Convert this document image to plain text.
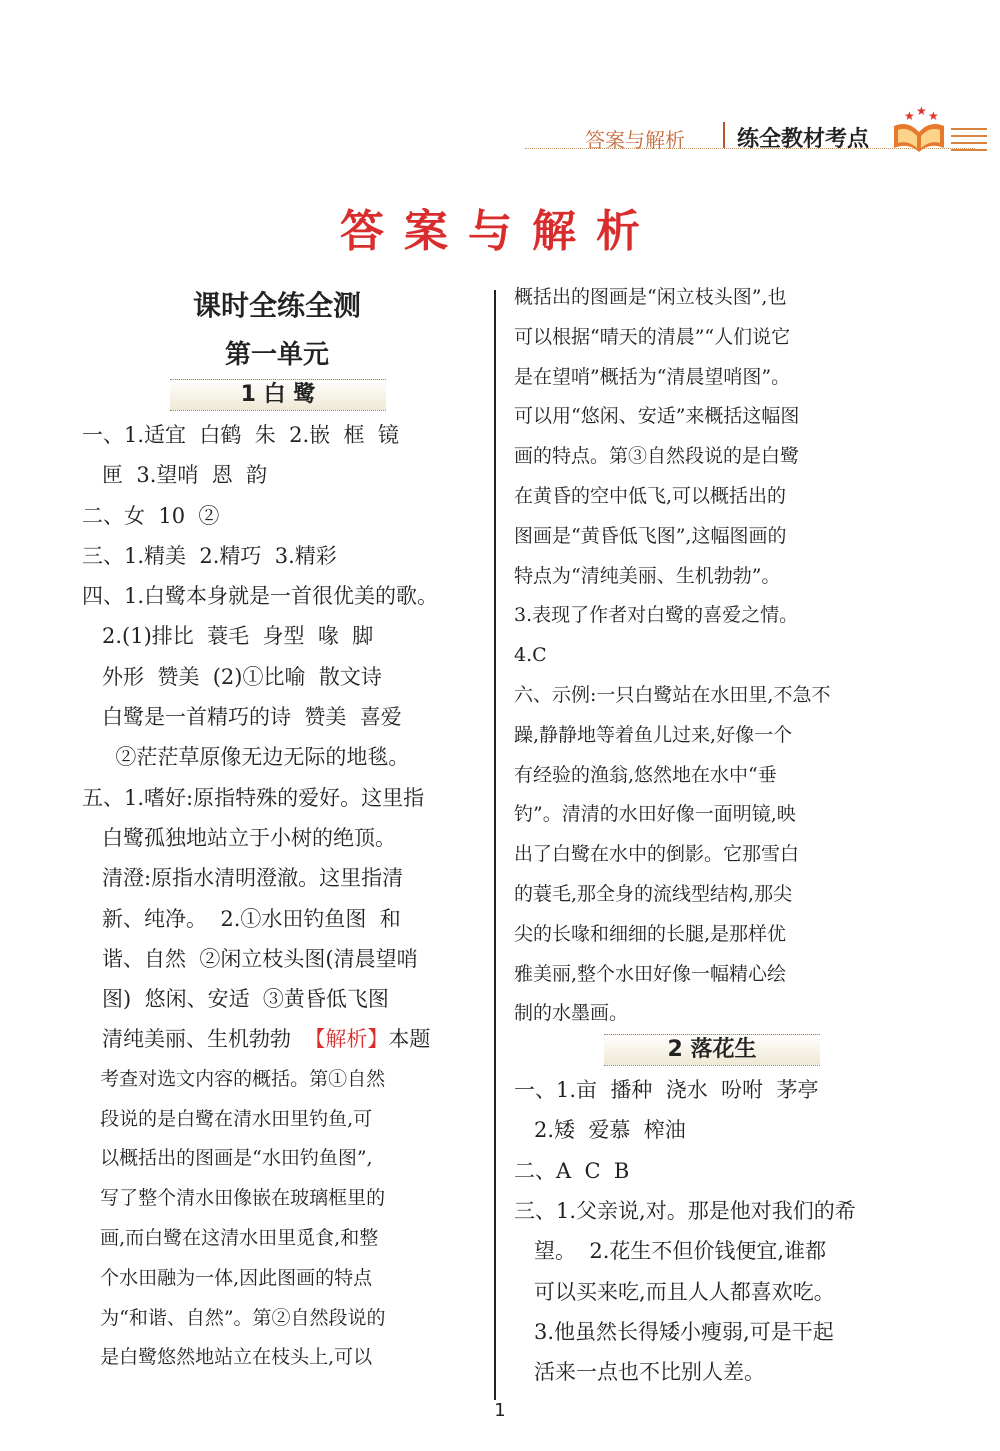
答案与解析 练全教材考点
★ ★ ★
答案与解析
课时全练全测
第一单元
1 白 鹭
一、1.适宜  白鹤  朱  2.嵌  框  镜
匣  3.望哨  恩  韵
二、女  10  ②
三、1.精美  2.精巧  3.精彩
四、1.白鹭本身就是一首很优美的歌。
2.(1)排比  蓑毛  身型  喙  脚
外形  赞美  (2)①比喻  散文诗
白鹭是一首精巧的诗  赞美  喜爱
②茫茫草原像无边无际的地毯。
五、1.嗜好:原指特殊的爱好。这里指
白鹭孤独地站立于小树的绝顶。
清澄:原指水清明澄澈。这里指清
新、纯净。  2.①水田钓鱼图  和
谐、自然  ②闲立枝头图(清晨望哨
图)  悠闲、安适  ③黄昏低飞图
清纯美丽、生机勃勃  【解析】本题
考查对选文内容的概括。第①自然
段说的是白鹭在清水田里钓鱼,可
以概括出的图画是“水田钓鱼图”,
写了整个清水田像嵌在玻璃框里的
画,而白鹭在这清水田里觅食,和整
个水田融为一体,因此图画的特点
为“和谐、自然”。第②自然段说的
是白鹭悠然地站立在枝头上,可以
概括出的图画是“闲立枝头图”,也
可以根据“晴天的清晨”“人们说它
是在望哨”概括为“清晨望哨图”。
可以用“悠闲、安适”来概括这幅图
画的特点。第③自然段说的是白鹭
在黄昏的空中低飞,可以概括出的
图画是“黄昏低飞图”,这幅图画的
特点为“清纯美丽、生机勃勃”。
3.表现了作者对白鹭的喜爱之情。
4.C
六、示例:一只白鹭站在水田里,不急不
躁,静静地等着鱼儿过来,好像一个
有经验的渔翁,悠然地在水中“垂
钓”。清清的水田好像一面明镜,映
出了白鹭在水中的倒影。它那雪白
的蓑毛,那全身的流线型结构,那尖
尖的长喙和细细的长腿,是那样优
雅美丽,整个水田好像一幅精心绘
制的水墨画。
2 落花生
一、1.亩  播种  浇水  吩咐  茅亭
2.矮  爱慕  榨油
二、A  C  B
三、1.父亲说,对。那是他对我们的希
望。  2.花生不但价钱便宜,谁都
可以买来吃,而且人人都喜欢吃。
3.他虽然长得矮小瘦弱,可是干起
活来一点也不比别人差。
1
